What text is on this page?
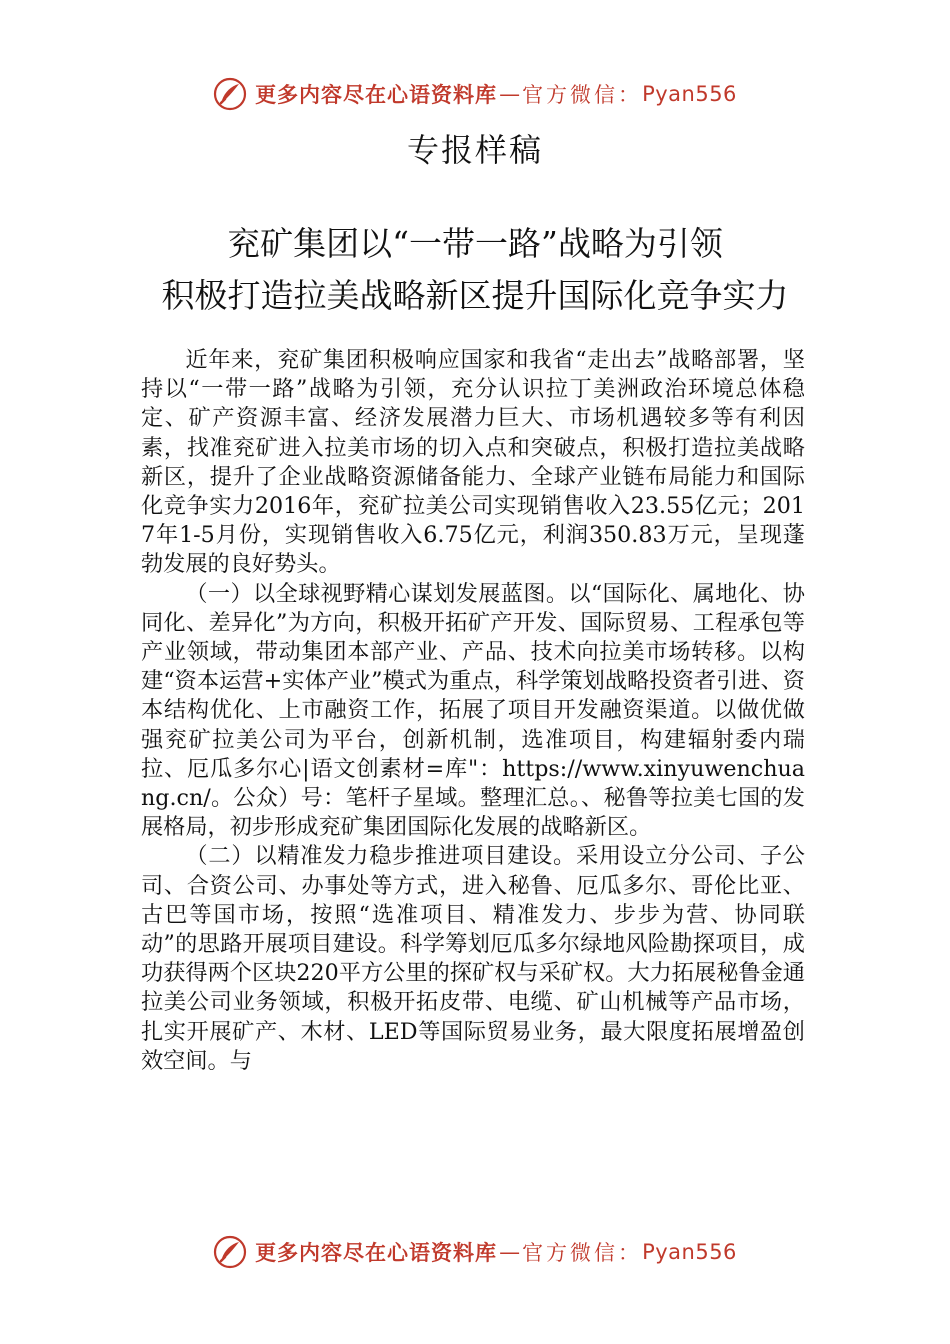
更多内容尽在心语资料库 — 官方微信： Pyan556
专报样稿
兖矿集团以“一带一路”战略为引领
积极打造拉美战略新区提升国际化竞争实力

近年来，兖矿集团积极响应国家和我省“走出去”战略部署，坚持以“一带一路”战略为引领，充分认识拉丁美洲政治环境总体稳定、矿产资源丰富、经济发展潜力巨大、市场机遇较多等有利因素，找准兖矿进入拉美市场的切入点和突破点，积极打造拉美战略新区，提升了企业战略资源储备能力、全球产业链布局能力和国际化竞争实力2016年，兖矿拉美公司实现销售收入23.55亿元；2017年1-5月份，实现销售收入6.75亿元，利润350.83万元，呈现蓬勃发展的良好势头。

（一）以全球视野精心谋划发展蓝图。以“国际化、属地化、协同化、差异化”为方向，积极开拓矿产开发、国际贸易、工程承包等产业领域，带动集团本部产业、产品、技术向拉美市场转移。以构建“资本运营+实体产业”模式为重点，科学策划战略投资者引进、资本结构优化、上市融资工作，拓展了项目开发融资渠道。以做优做强兖矿拉美公司为平台，创新机制，选准项目，构建辐射委内瑞拉、厄瓜多尔心|语文创素材=库"：https://www.xinyuwenchuang.cn/。公众）号：笔杆子星域。整理汇总。、秘鲁等拉美七国的发展格局，初步形成兖矿集团国际化发展的战略新区。

（二）以精准发力稳步推进项目建设。采用设立分公司、子公司、合资公司、办事处等方式，进入秘鲁、厄瓜多尔、哥伦比亚、古巴等国市场，按照“选准项目、精准发力、步步为营、协同联动”的思路开展项目建设。科学筹划厄瓜多尔绿地风险勘探项目，成功获得两个区块220平方公里的探矿权与采矿权。大力拓展秘鲁金通拉美公司业务领域，积极开拓皮带、电缆、矿山机械等产品市场，扎实开展矿产、木材、LED等国际贸易业务，最大限度拓展增盈创效空间。与

更多内容尽在心语资料库 — 官方微信： Pyan556
